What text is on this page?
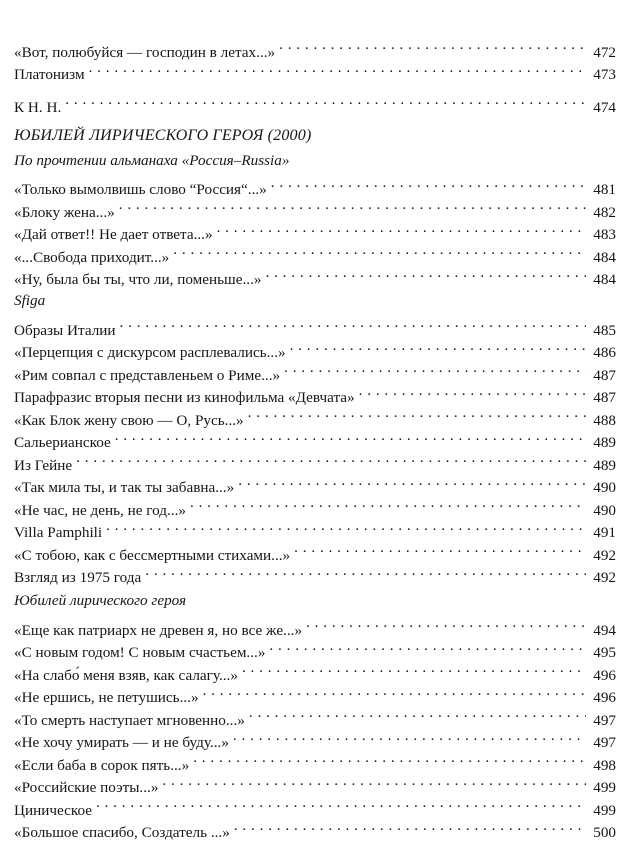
«Вот, полюбуйся — господин в летах...» . . .	472
Платонизм . . .	473
К Н. Н. . . .	474
ЮБИЛЕЙ ЛИРИЧЕСКОГО ГЕРОЯ (2000)
По прочтении альманаха «Россия–Russia»
«Только вымолвишь слово “Россия“...» . . .	481
«Блоку жена...» . . .	482
«Дай ответ!! Не дает ответа...» . . .	483
«...Свобода приходит...» . . .	484
«Ну, была бы ты, что ли, поменьше...» . . .	484
Sfiga
Образы Италии . . .	485
«Перцепция с дискурсом расплевались...» . . .	486
«Рим совпал с представленьем о Риме...» . . .	487
Парафразис вторыя песни из кинофильма «Девчата» . . .	487
«Как Блок жену свою — О, Русь...» . . .	488
Сальерианское . . .	489
Из Гейне . . .	489
«Так мила ты, и так ты забавна...» . . .	490
«Не час, не день, не год...» . . .	490
Villa Pamphili . . .	491
«С тобою, как с бессмертными стихами...» . . .	492
Взгляд из 1975 года . . .	492
Юбилей лирического героя
«Еще как патриарх не древен я, но все же...» . . .	494
«С новым годом! С новым счастьем...» . . .	495
«На слабо́ меня взяв, как салагу...» . . .	496
«Не ершись, не петушись...» . . .	496
«То смерть наступает мгновенно...» . . .	497
«Не хочу умирать — и не буду...» . . .	497
«Если баба в сорок пять...» . . .	498
«Российские поэты...» . . .	499
Циническое . . .	499
«Большое спасибо, Создатель ...» . . .	500
